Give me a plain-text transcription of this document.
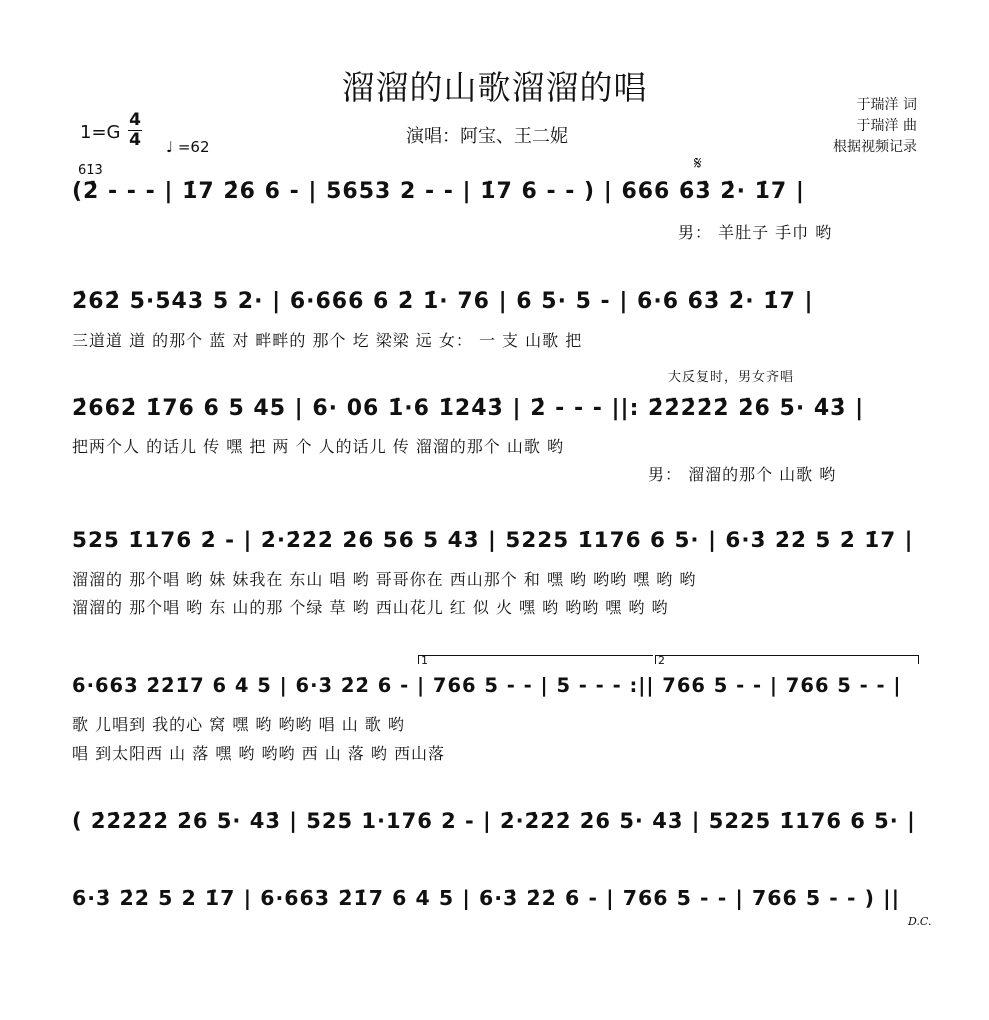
溜溜的山歌溜溜的唱	于瑞洋 词
于瑞洋 曲
根据视频记录
1=G
4
4 ♩ =62	演唱：阿宝、王二妮
6̇1̇3̇
(2̇ - - - | 1̇7 2̇6 6 - | 5653 2 - - | 1̇7 6 - - ) | 666 6̇3̇ 2̇· 1̇7 |
𝄋
男： 羊肚子 手巾 哟
2̇62̇ 5·543 5 2· | 6·666 6 2̇ 1̇· 76 | 6 5· 5 - | 6·6 6̇3̇ 2̇· 1̇7 |
三道道 道 的那个 蓝 对 畔畔的 那个 圪 梁梁 远 女： 一 支 山歌 把
大反复时，男女齐唱
2̇662̇ 1̇76 6 5 45 | 6· 06 1̇·6 1̇24̇3̇ | 2̇ - - - ||: 2̇2̇2̇2̇2̇ 2̇6 5· 4̇3̇ |
把两个人 的话儿 传 嘿 把 两 个 人的话儿 传 溜溜的那个 山歌 哟
男： 溜溜的那个 山歌 哟
525 1̇176 2̇ - | 2̇·2̇2̇2̇ 2̇6 56 5 4̇3̇ | 5225 1̇176 6 5· | 6·3̇ 2̇2̇ 5 2̇ 1̇7 |
溜溜的 那个唱 哟 妹 妹我在 东山 唱 哟 哥哥你在 西山那个 和 嘿 哟 哟哟 嘿 哟 哟
溜溜的 那个唱 哟 东 山的那 个绿 草 哟 西山花儿 红 似 火 嘿 哟 哟哟 嘿 哟 哟
1	2
6·663 2̇2̇1̇7 6 4 5 | 6·3̇ 2̇2̇ 6 - | 766 5 - - | 5 - - - :|| 766 5 - - | 766 5 - - |
歌 儿唱到 我的心 窝 嘿 哟 哟哟 唱 山 歌 哟
唱 到太阳西 山 落 嘿 哟 哟哟 西 山 落 哟 西山落
( 2̇2̇2̇2̇2̇ 2̇6 5· 4̇3̇ | 525 1·176 2 - | 2̇·2̇2̇2̇ 2̇6 5· 4̇3̇ | 5225 1̇176 6 5· |
6·3̇ 2̇2̇ 5 2 1̇7 | 6·663 2̇1̇7 6 4 5 | 6·3̇ 2̇2̇ 6 - | 766 5 - - | 766 5 - - ) ||
D.C.
